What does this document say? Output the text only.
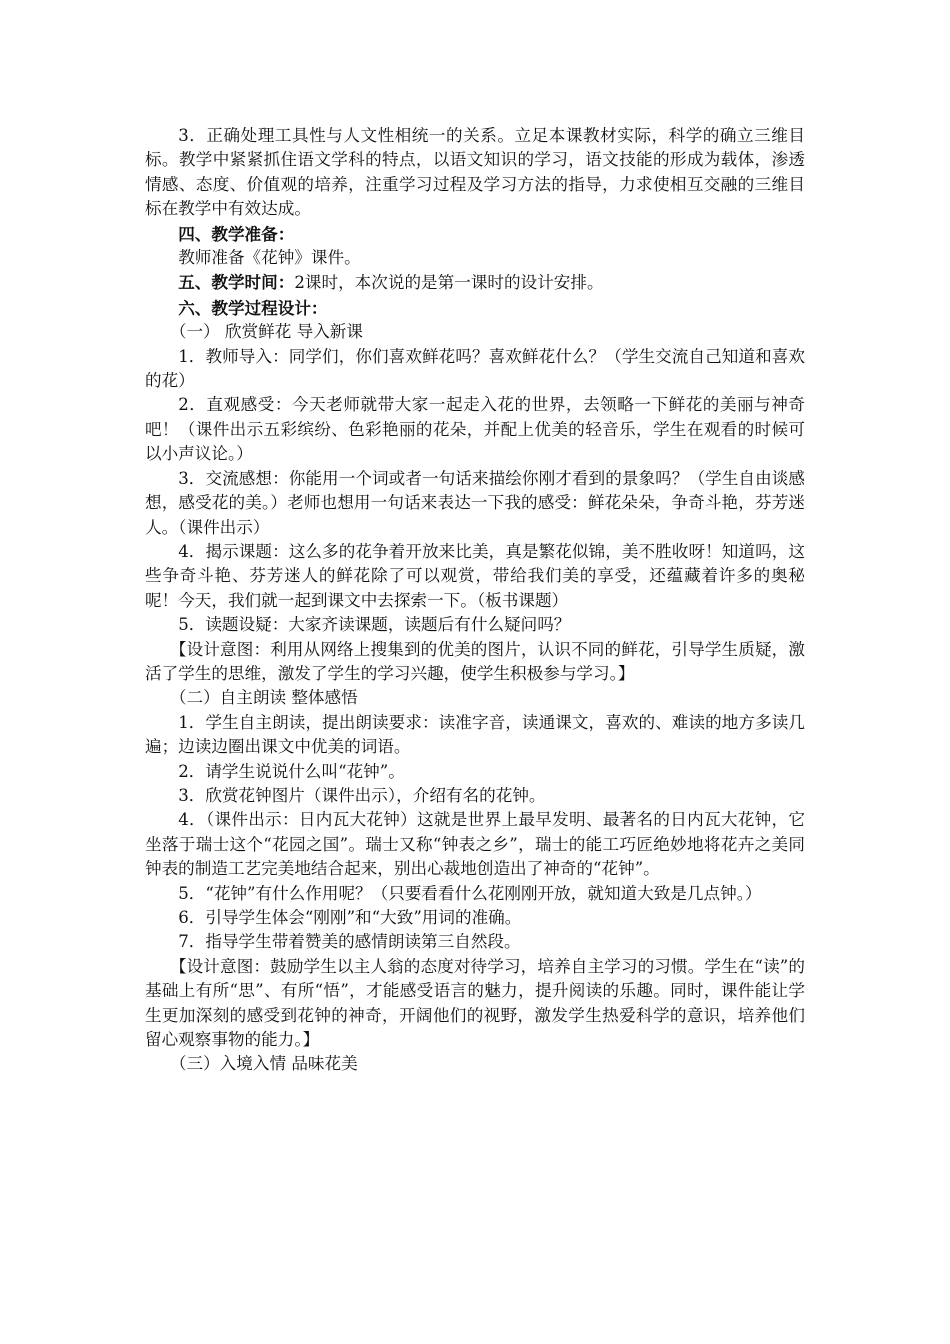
3．正确处理工具性与人文性相统一的关系。立足本课教材实际，科学的确立三维目标。教学中紧紧抓住语文学科的特点，以语文知识的学习，语文技能的形成为载体，渗透情感、态度、价值观的培养，注重学习过程及学习方法的指导，力求使相互交融的三维目标在教学中有效达成。

四、教学准备：

教师准备《花钟》课件。

五、教学时间：2课时，本次说的是第一课时的设计安排。

六、教学过程设计：

（一） 欣赏鲜花 导入新课

1．教师导入：同学们，你们喜欢鲜花吗？喜欢鲜花什么？（学生交流自己知道和喜欢的花）

2．直观感受：今天老师就带大家一起走入花的世界，去领略一下鲜花的美丽与神奇吧！（课件出示五彩缤纷、色彩艳丽的花朵，并配上优美的轻音乐，学生在观看的时候可以小声议论。）

3．交流感想：你能用一个词或者一句话来描绘你刚才看到的景象吗？（学生自由谈感想，感受花的美。）老师也想用一句话来表达一下我的感受：鲜花朵朵，争奇斗艳，芬芳迷人。（课件出示）

4．揭示课题：这么多的花争着开放来比美，真是繁花似锦，美不胜收呀！知道吗，这些争奇斗艳、芬芳迷人的鲜花除了可以观赏，带给我们美的享受，还蕴藏着许多的奥秘呢！今天，我们就一起到课文中去探索一下。（板书课题）

5．读题设疑：大家齐读课题，读题后有什么疑问吗？

【设计意图：利用从网络上搜集到的优美的图片，认识不同的鲜花，引导学生质疑，激活了学生的思维，激发了学生的学习兴趣，使学生积极参与学习。】

（二）自主朗读 整体感悟

1．学生自主朗读，提出朗读要求：读准字音，读通课文，喜欢的、难读的地方多读几遍；边读边圈出课文中优美的词语。

2．请学生说说什么叫“花钟”。

3．欣赏花钟图片（课件出示），介绍有名的花钟。

4．（课件出示：日内瓦大花钟）这就是世界上最早发明、最著名的日内瓦大花钟，它坐落于瑞士这个“花园之国”。瑞士又称“钟表之乡”，瑞士的能工巧匠绝妙地将花卉之美同钟表的制造工艺完美地结合起来，别出心裁地创造出了神奇的“花钟”。

5．“花钟”有什么作用呢？（只要看看什么花刚刚开放，就知道大致是几点钟。）

6．引导学生体会“刚刚”和“大致”用词的准确。

7．指导学生带着赞美的感情朗读第三自然段。

【设计意图：鼓励学生以主人翁的态度对待学习，培养自主学习的习惯。学生在“读”的基础上有所“思”、有所“悟”，才能感受语言的魅力，提升阅读的乐趣。同时，课件能让学生更加深刻的感受到花钟的神奇，开阔他们的视野，激发学生热爱科学的意识，培养他们留心观察事物的能力。】

（三）入境入情 品味花美
